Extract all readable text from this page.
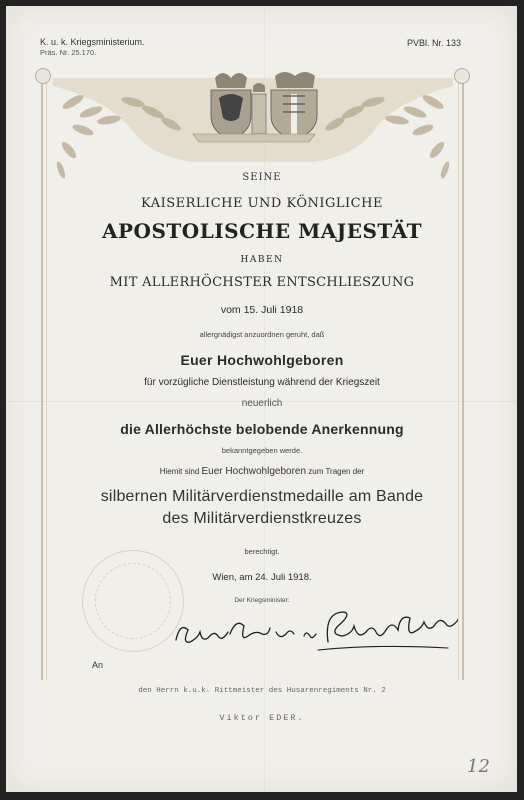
K. u. k. Kriegsministerium.
Präs. Nr. 25.170.
PVBl. Nr. 133
SEINE
KAISERLICHE UND KÖNIGLICHE
APOSTOLISCHE MAJESTÄT
HABEN
MIT ALLERHÖCHSTER ENTSCHLIESZUNG
vom 15. Juli 1918
allergnädigst anzuordnen geruht, daß
Euer Hochwohlgeboren
für vorzügliche Dienstleistung während der Kriegszeit
neuerlich
die Allerhöchste belobende Anerkennung
bekanntgegeben werde.
Hiemit sind Euer Hochwohlgeboren zum Tragen der
silbernen Militärverdienstmedaille am Bande
des Militärverdienstkreuzes
berechtigt.
Wien, am 24. Juli 1918.
Der Kriegsminister:
An
den Herrn k.u.k. Rittmeister des Husarenregiments Nr. 2
Viktor EDER.
12
